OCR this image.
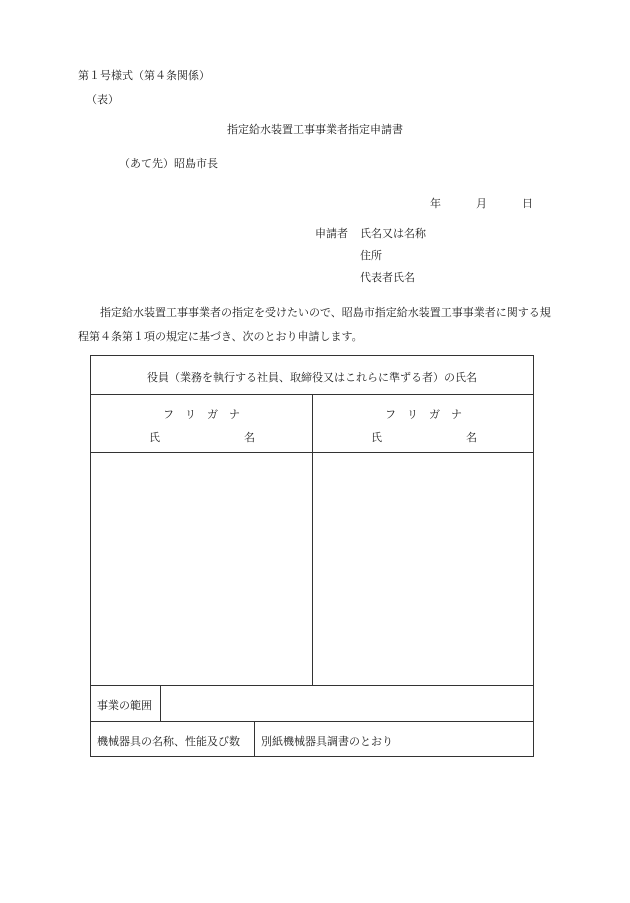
第１号様式（第４条関係）
（表）
指定給水装置工事事業者指定申請書
（あて先）昭島市長
年	月	日
申請者 氏名又は名称
住所
代表者氏名
指定給水装置工事事業者の指定を受けたいので、昭島市指定給水装置工事事業者に関する規程第４条第１項の規定に基づき、次のとおり申請します。
役員（業務を執行する社員、取締役又はこれらに準ずる者）の氏名
フ　リ　ガ　ナ
氏	名
フ　リ　ガ　ナ
氏	名
事業の範囲
機械器具の名称、性能及び数 別紙機械器具調書のとおり
